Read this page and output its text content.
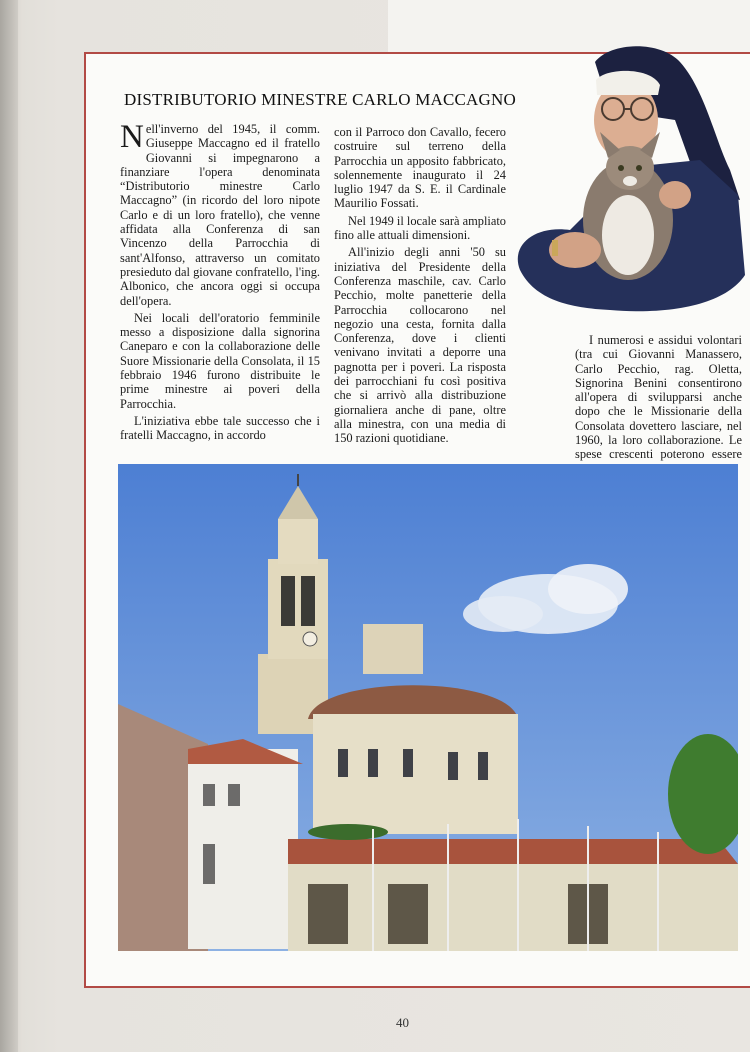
DISTRIBUTORIO MINESTRE CARLO MACCAGNO

Nell'inverno del 1945, il comm. Giuseppe Maccagno ed il fratello Giovanni si impegnarono a finanziare l'opera denominata “Distributorio minestre Carlo Maccagno” (in ricordo del loro nipote Carlo e di un loro fratello), che venne affidata alla Conferenza di san Vincenzo della Parrocchia di sant'Alfonso, attraverso un comitato presieduto dal giovane confratello, l'ing. Albonico, che ancora oggi si occupa dell'opera.

Nei locali dell'oratorio femminile messo a disposizione dalla signorina Caneparo e con la collaborazione delle Suore Missionarie della Consolata, il 15 febbraio 1946 furono distribuite le prime minestre ai poveri della Parrocchia.

L'iniziativa ebbe tale successo che i fratelli Maccagno, in accordo

con il Parroco don Cavallo, fecero costruire sul terreno della Parrocchia un apposito fabbricato, solennemente inaugurato il 24 luglio 1947 da S. E. il Cardinale Maurilio Fossati.

Nel 1949 il locale sarà ampliato fino alle attuali dimensioni.

All'inizio degli anni '50 su iniziativa del Presidente della Conferenza maschile, cav. Carlo Pecchio, molte panetterie della Parrocchia collocarono nel negozio una cesta, fornita dalla Conferenza, dove i clienti venivano invitati a deporre una pagnotta per i poveri. La risposta dei parrocchiani fu così positiva che si arrivò alla distribuzione giornaliera anche di pane, oltre alla minestra, con una media di 150 razioni quotidiane.

I numerosi e assidui volontari (tra cui Giovanni Manassero, Carlo Pecchio, rag. Oletta, Signorina Benini consentirono all'opera di svilupparsi anche dopo che le Missionarie della Consolata dovettero lasciare, nel 1960, la loro collaborazione. Le spese crescenti poterono essere

40
